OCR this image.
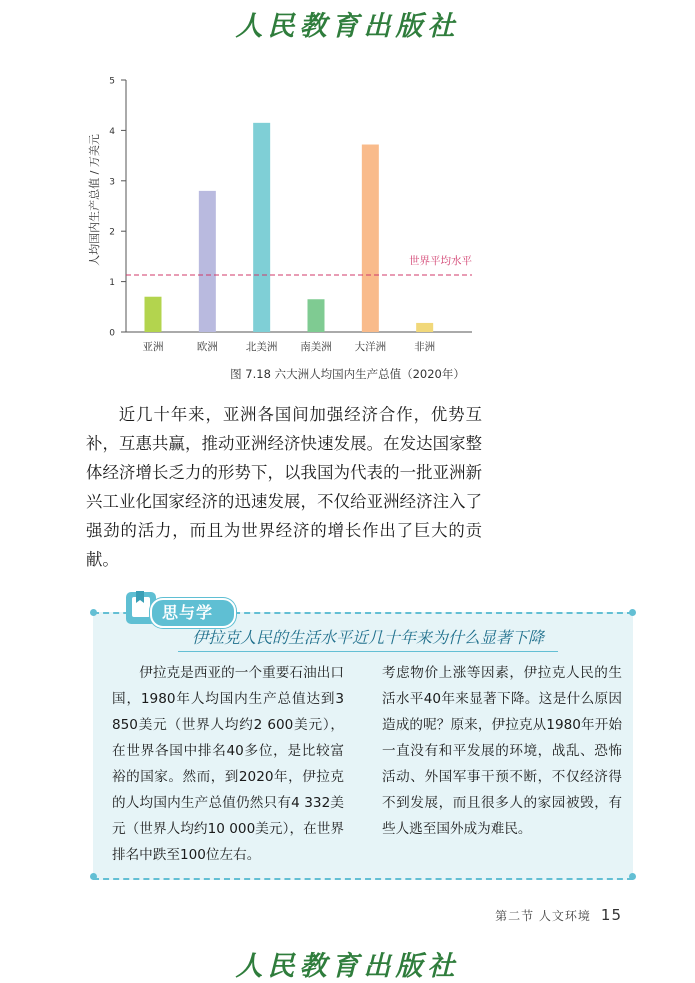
人民教育出版社
0
1
2
3
4
5
亚洲	欧洲	北美洲 南美洲 大洋洲	非洲
世界平均水平
人均国内生产总值 / 万美元
图 7.18 六大洲人均国内生产总值（2020年）

近几十年来，亚洲各国间加强经济合作，优势互补，互惠共赢，推动亚洲经济快速发展。在发达国家整体经济增长乏力的形势下，以我国为代表的一批亚洲新兴工业化国家经济的迅速发展，不仅给亚洲经济注入了强劲的活力，而且为世界经济的增长作出了巨大的贡献。

思与学
伊拉克人民的生活水平近几十年来为什么显著下降

伊拉克是西亚的一个重要石油出口国，1980年人均国内生产总值达到3 850美元（世界人均约2 600美元），在世界各国中排名40多位，是比较富裕的国家。然而，到2020年，伊拉克的人均国内生产总值仍然只有4 332美元（世界人均约10 000美元），在世界排名中跌至100位左右。

考虑物价上涨等因素，伊拉克人民的生活水平40年来显著下降。这是什么原因造成的呢？原来，伊拉克从1980年开始一直没有和平发展的环境，战乱、恐怖活动、外国军事干预不断，不仅经济得不到发展，而且很多人的家园被毁，有些人逃至国外成为难民。

第二节 人文环境 15
人民教育出版社
